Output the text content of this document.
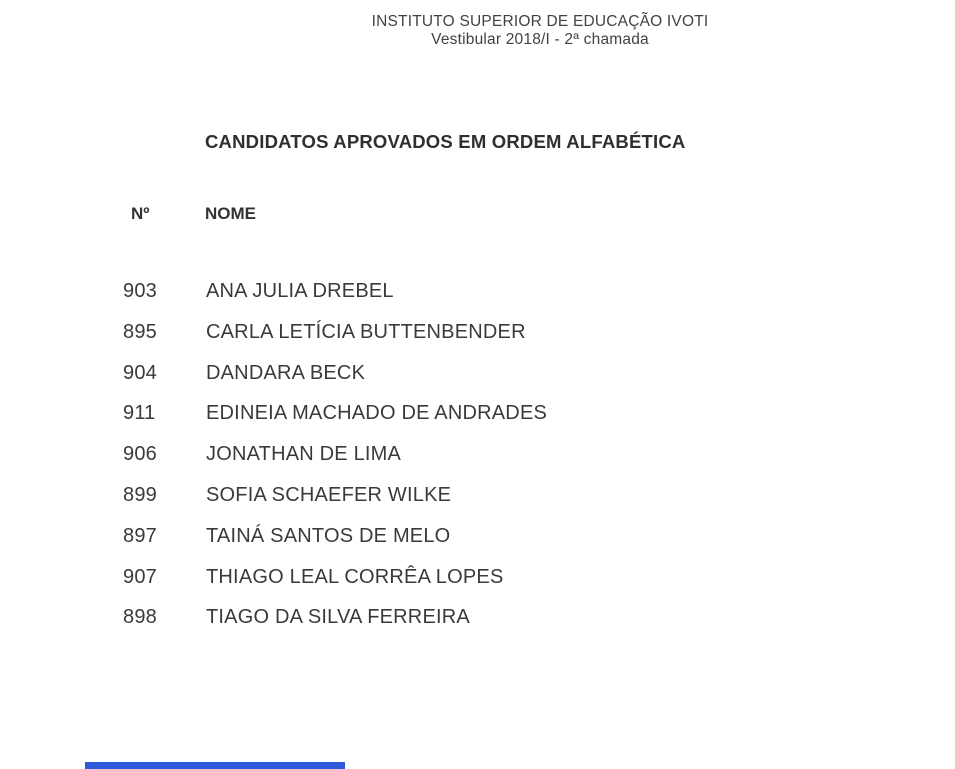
INSTITUTO SUPERIOR DE EDUCAÇÃO IVOTI
Vestibular 2018/I - 2ª chamada
CANDIDATOS APROVADOS EM ORDEM ALFABÉTICA
Nº	NOME
903 ANA JULIA DREBEL
895 CARLA LETÍCIA BUTTENBENDER
904 DANDARA BECK
911	EDINEIA MACHADO DE ANDRADES
906 JONATHAN DE LIMA
899 SOFIA SCHAEFER WILKE
897 TAINÁ SANTOS DE MELO
907 THIAGO LEAL CORRÊA LOPES
898 TIAGO DA SILVA FERREIRA
